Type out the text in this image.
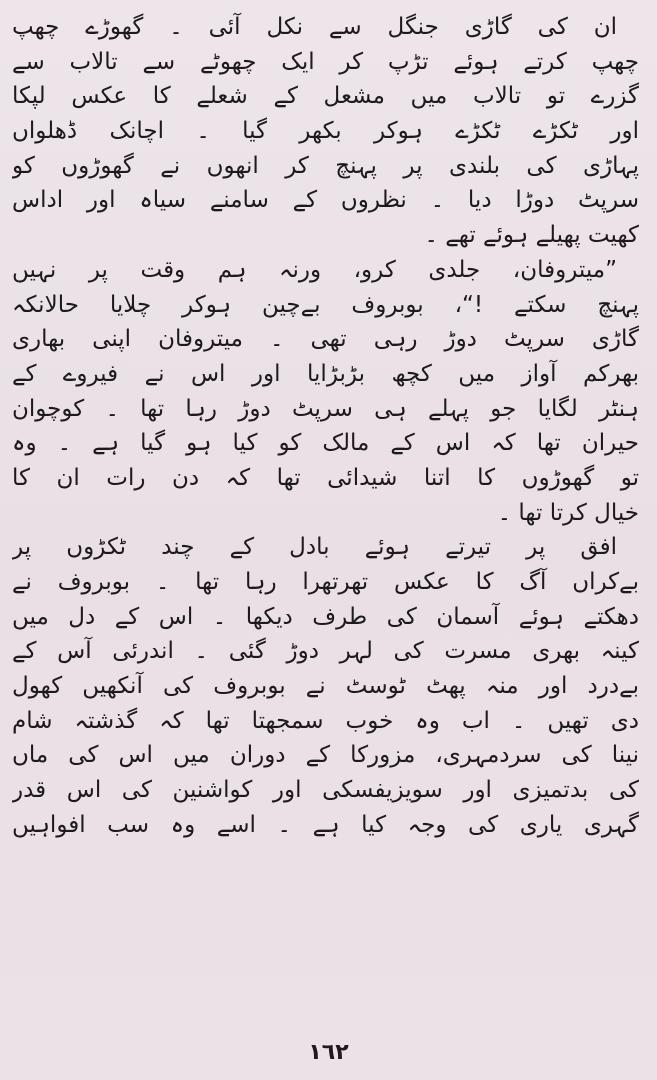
ان کی گاڑی جنگل سے نکل آئی ۔ گھوڑے چھپ
چھپ کرتے ہوئے تڑپ کر ایک چھوٹے سے تالاب سے
گزرے تو تالاب میں مشعل کے شعلے کا عکس لپکا
اور ٹکڑے ٹکڑے ہوکر بکھر گیا ۔ اچانک ڈھلواں
پہاڑی کی بلندی پر پہنچ کر انھوں نے گھوڑوں کو
سرپٹ دوڑا دیا ۔ نظروں کے سامنے سیاہ اور اداس
کھیت پھیلے ہوئے تھے ۔
”میتروفان، جلدی کرو، ورنہ ہم وقت پر نہیں
پہنچ سکتے !“، بوبروف بےچین ہوکر چلایا حالانکہ
گاڑی سرپٹ دوڑ رہی تھی ۔ میتروفان اپنی بھاری
بھرکم آواز میں کچھ بڑبڑایا اور اس نے فیروے کے
ہنٹر لگایا جو پہلے ہی سرپٹ دوڑ رہا تھا ۔ کوچوان
حیران تھا کہ اس کے مالک کو کیا ہو گیا ہے ۔ وہ
تو گھوڑوں کا اتنا شیدائی تھا کہ دن رات ان کا
خیال کرتا تھا ۔
افق پر تیرتے ہوئے بادل کے چند ٹکڑوں پر
بےکراں آگ کا عکس تھرتھرا رہا تھا ۔ بوبروف نے
دھکتے ہوئے آسمان کی طرف دیکھا ۔ اس کے دل میں
کینہ بھری مسرت کی لہر دوڑ گئی ۔ اندرئی آس کے
بےدرد اور منہ پھٹ ٹوسٹ نے بوبروف کی آنکھیں کھول
دی تھیں ۔ اب وہ خوب سمجھتا تھا کہ گذشتہ شام
نینا کی سردمہری، مزورکا کے دوران میں اس کی ماں
کی بدتمیزی اور سویزیفسکی اور کواشنین کی اس قدر
گہری یاری کی وجہ کیا ہے ۔ اسے وہ سب افواہیں
١٦٢
